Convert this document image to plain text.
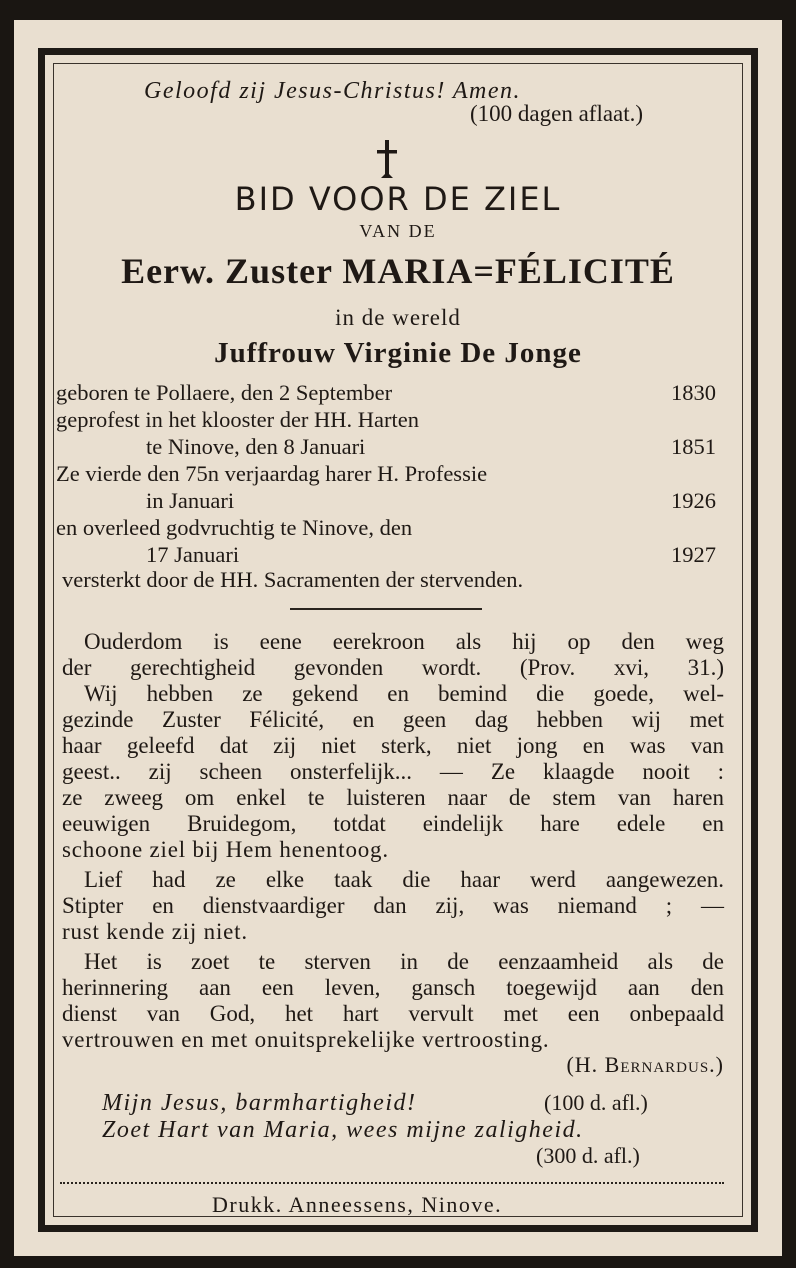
Geloofd zij Jesus-Christus! Amen.
(100 dagen aflaat.)
BID VOOR DE ZIEL
VAN DE
Eerw. Zuster MARIA=FÉLICITÉ
in de wereld
Juffrouw Virginie De Jonge
geboren te Pollaere, den 2 September	1830
geprofest in het klooster der HH. Harten
te Ninove, den 8 Januari	1851
Ze vierde den 75n verjaardag harer H. Professie
in Januari	1926
en overleed godvruchtig te Ninove, den
17 Januari	1927
versterkt door de HH. Sacramenten der stervenden.
Ouderdom is eene eerekroon als hij op den weg
der gerechtigheid gevonden wordt. (Prov. xvi, 31.)
Wij hebben ze gekend en bemind die goede, wel-
gezinde Zuster Félicité, en geen dag hebben wij met
haar geleefd dat zij niet sterk, niet jong en was van
geest.. zij scheen onsterfelijk... — Ze klaagde nooit :
ze zweeg om enkel te luisteren naar de stem van haren
eeuwigen Bruidegom, totdat eindelijk hare edele en
schoone ziel bij Hem henentoog.
Lief had ze elke taak die haar werd aangewezen.
Stipter en dienstvaardiger dan zij, was niemand ; —
rust kende zij niet.
Het is zoet te sterven in de eenzaamheid als de
herinnering aan een leven, gansch toegewijd aan den
dienst van God, het hart vervult met een onbepaald
vertrouwen en met onuitsprekelijke vertroosting.
(H. Bernardus.)
Mijn Jesus, barmhartigheid!	(100 d. afl.)
Zoet Hart van Maria, wees mijne zaligheid.
(300 d. afl.)
Drukk. Anneessens, Ninove.
